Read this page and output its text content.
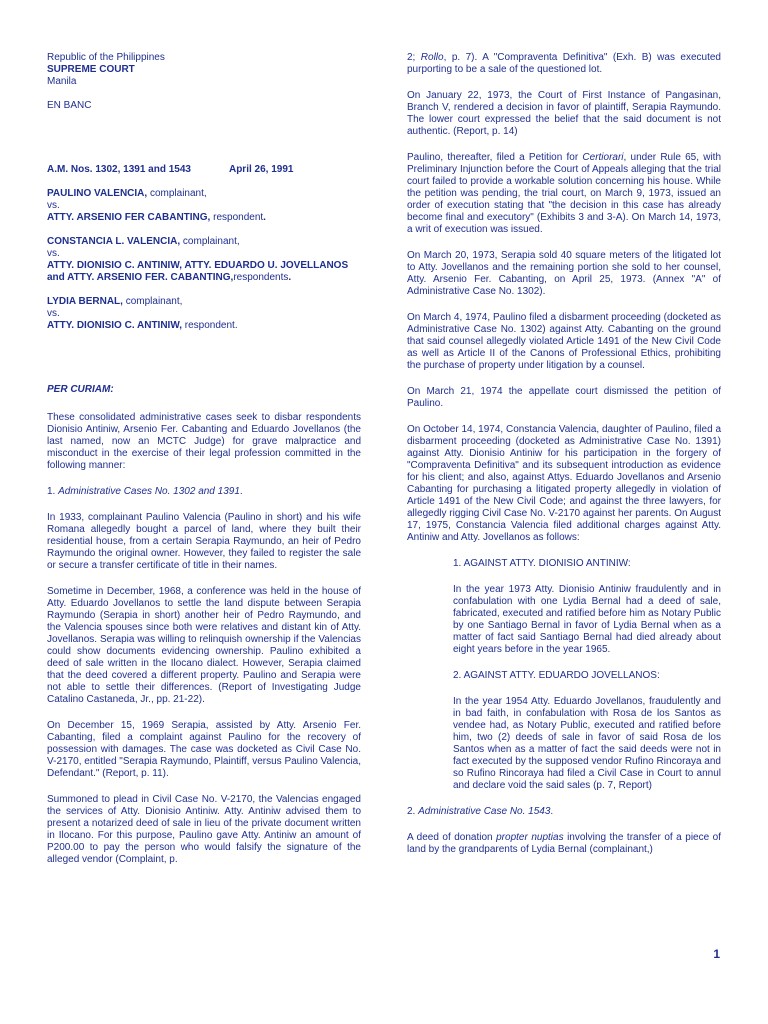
Republic of the Philippines

SUPREME COURT

Manila

EN BANC

A.M. Nos. 1302, 1391 and 1543	April 26, 1991

PAULINO VALENCIA, complainant,

vs.

ATTY. ARSENIO FER CABANTING, respondent.

CONSTANCIA L. VALENCIA, complainant,

vs.

ATTY. DIONISIO C. ANTINIW, ATTY. EDUARDO U. JOVELLANOS and ATTY. ARSENIO FER. CABANTING,respondents.

LYDIA BERNAL, complainant,

vs.

ATTY. DIONISIO C. ANTINIW, respondent.

PER CURIAM:

These consolidated administrative cases seek to disbar respondents Dionisio Antiniw, Arsenio Fer. Cabanting and Eduardo Jovellanos (the last named, now an MCTC Judge) for grave malpractice and misconduct in the exercise of their legal profession committed in the following manner:

1. Administrative Cases No. 1302 and 1391.

In 1933, complainant Paulino Valencia (Paulino in short) and his wife Romana allegedly bought a parcel of land, where they built their residential house, from a certain Serapia Raymundo, an heir of Pedro Raymundo the original owner. However, they failed to register the sale or secure a transfer certificate of title in their names.

Sometime in December, 1968, a conference was held in the house of Atty. Eduardo Jovellanos to settle the land dispute between Serapia Raymundo (Serapia in short) another heir of Pedro Raymundo, and the Valencia spouses since both were relatives and distant kin of Atty. Jovellanos. Serapia was willing to relinquish ownership if the Valencias could show documents evidencing ownership. Paulino exhibited a deed of sale written in the Ilocano dialect. However, Serapia claimed that the deed covered a different property. Paulino and Serapia were not able to settle their differences. (Report of Investigating Judge Catalino Castaneda, Jr., pp. 21-22).

On December 15, 1969 Serapia, assisted by Atty. Arsenio Fer. Cabanting, filed a complaint against Paulino for the recovery of possession with damages. The case was docketed as Civil Case No. V-2170, entitled "Serapia Raymundo, Plaintiff, versus Paulino Valencia, Defendant." (Report, p. 11).

Summoned to plead in Civil Case No. V-2170, the Valencias engaged the services of Atty. Dionisio Antiniw. Atty. Antiniw advised them to present a notarized deed of sale in lieu of the private document written in Ilocano. For this purpose, Paulino gave Atty. Antiniw an amount of P200.00 to pay the person who would falsify the signature of the alleged vendor (Complaint, p.

2; Rollo, p. 7). A "Compraventa Definitiva" (Exh. B) was executed purporting to be a sale of the questioned lot.

On January 22, 1973, the Court of First Instance of Pangasinan, Branch V, rendered a decision in favor of plaintiff, Serapia Raymundo. The lower court expressed the belief that the said document is not authentic. (Report, p. 14)

Paulino, thereafter, filed a Petition for Certiorari, under Rule 65, with Preliminary Injunction before the Court of Appeals alleging that the trial court failed to provide a workable solution concerning his house. While the petition was pending, the trial court, on March 9, 1973, issued an order of execution stating that "the decision in this case has already become final and executory" (Exhibits 3 and 3-A). On March 14, 1973, a writ of execution was issued.

On March 20, 1973, Serapia sold 40 square meters of the litigated lot to Atty. Jovellanos and the remaining portion she sold to her counsel, Atty. Arsenio Fer. Cabanting, on April 25, 1973. (Annex "A" of Administrative Case No. 1302).

On March 4, 1974, Paulino filed a disbarment proceeding (docketed as Administrative Case No. 1302) against Atty. Cabanting on the ground that said counsel allegedly violated Article 1491 of the New Civil Code as well as Article II of the Canons of Professional Ethics, prohibiting the purchase of property under litigation by a counsel.

On March 21, 1974 the appellate court dismissed the petition of Paulino.

On October 14, 1974, Constancia Valencia, daughter of Paulino, filed a disbarment proceeding (docketed as Administrative Case No. 1391) against Atty. Dionisio Antiniw for his participation in the forgery of "Compraventa Definitiva" and its subsequent introduction as evidence for his client; and also, against Attys. Eduardo Jovellanos and Arsenio Cabanting for purchasing a litigated property allegedly in violation of Article 1491 of the New Civil Code; and against the three lawyers, for allegedly rigging Civil Case No. V-2170 against her parents. On August 17, 1975, Constancia Valencia filed additional charges against Atty. Antiniw and Atty. Jovellanos as follows:

1. AGAINST ATTY. DIONISIO ANTINIW:

In the year 1973 Atty. Dionisio Antiniw fraudulently and in confabulation with one Lydia Bernal had a deed of sale, fabricated, executed and ratified before him as Notary Public by one Santiago Bernal in favor of Lydia Bernal when as a matter of fact said Santiago Bernal had died already about eight years before in the year 1965.

2. AGAINST ATTY. EDUARDO JOVELLANOS:

In the year 1954 Atty. Eduardo Jovellanos, fraudulently and in bad faith, in confabulation with Rosa de los Santos as vendee had, as Notary Public, executed and ratified before him, two (2) deeds of sale in favor of said Rosa de los Santos when as a matter of fact the said deeds were not in fact executed by the supposed vendor Rufino Rincoraya and so Rufino Rincoraya had filed a Civil Case in Court to annul and declare void the said sales (p. 7, Report)

2. Administrative Case No. 1543.

A deed of donation propter nuptias involving the transfer of a piece of land by the grandparents of Lydia Bernal (complainant,)

1
